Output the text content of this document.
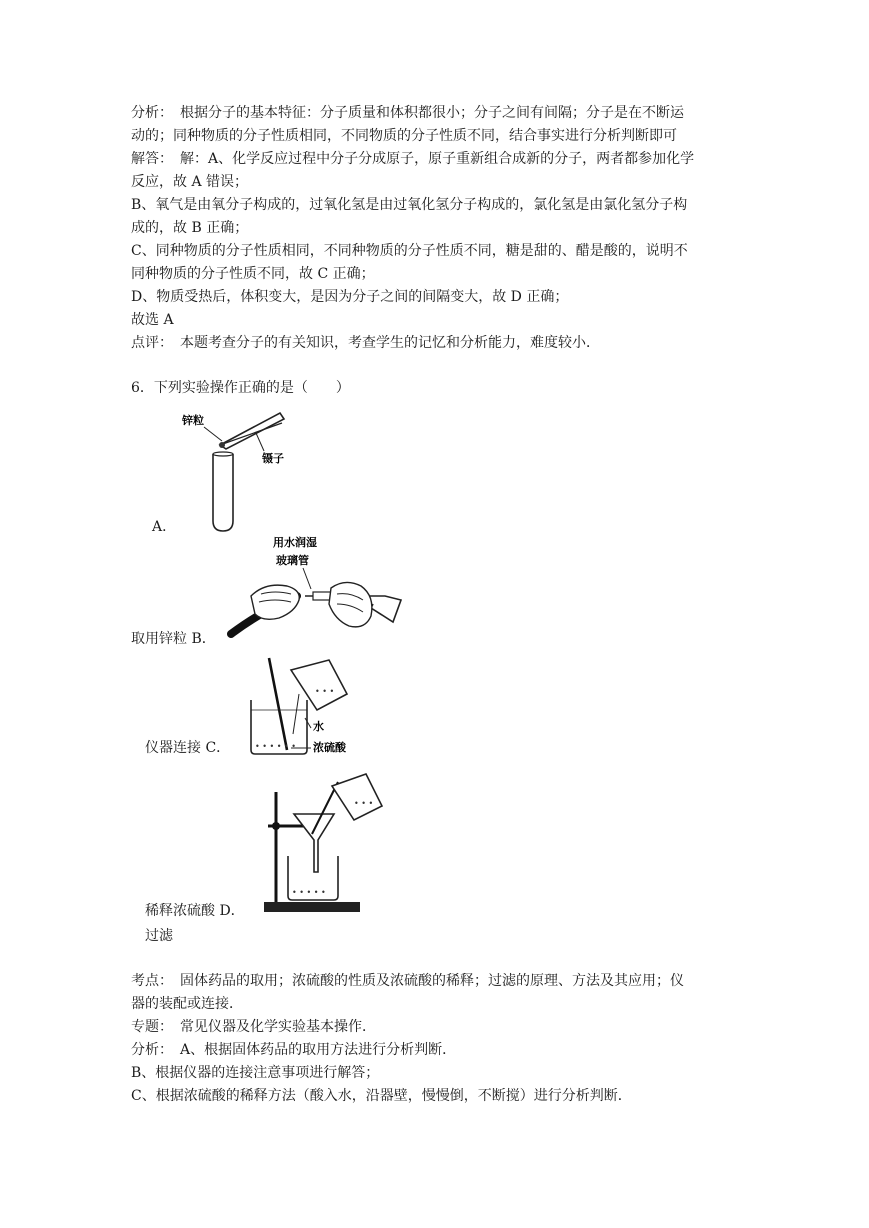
分析：　根据分子的基本特征：分子质量和体积都很小；分子之间有间隔；分子是在不断运
动的；同种物质的分子性质相同，不同物质的分子性质不同，结合事实进行分析判断即可
解答：　解：A、化学反应过程中分子分成原子，原子重新组合成新的分子，两者都参加化学
反应，故 A 错误；
B、氧气是由氧分子构成的，过氧化氢是由过氧化氢分子构成的，氯化氢是由氯化氢分子构
成的，故 B 正确；
C、同种物质的分子性质相同，不同种物质的分子性质不同，糖是甜的、醋是酸的，说明不
同种物质的分子性质不同，故 C 正确；
D、物质受热后，体积变大，是因为分子之间的间隔变大，故 D 正确；
故选 A
点评：　本题考查分子的有关知识，考查学生的记忆和分析能力，难度较小．
6．下列实验操作正确的是（　　）
锌粒
镊子
A．
用水润湿
玻璃管
取用锌粒 B．
• • • • • •
• • •
水
浓硫酸
仪器连接 C．
• • • • •
• • •
稀释浓硫酸 D．
过滤
考点：　固体药品的取用；浓硫酸的性质及浓硫酸的稀释；过滤的原理、方法及其应用；仪
器的装配或连接．
专题：　常见仪器及化学实验基本操作．
分析：　A、根据固体药品的取用方法进行分析判断．
B、根据仪器的连接注意事项进行解答；
C、根据浓硫酸的稀释方法（酸入水，沿器壁，慢慢倒，不断搅）进行分析判断．
